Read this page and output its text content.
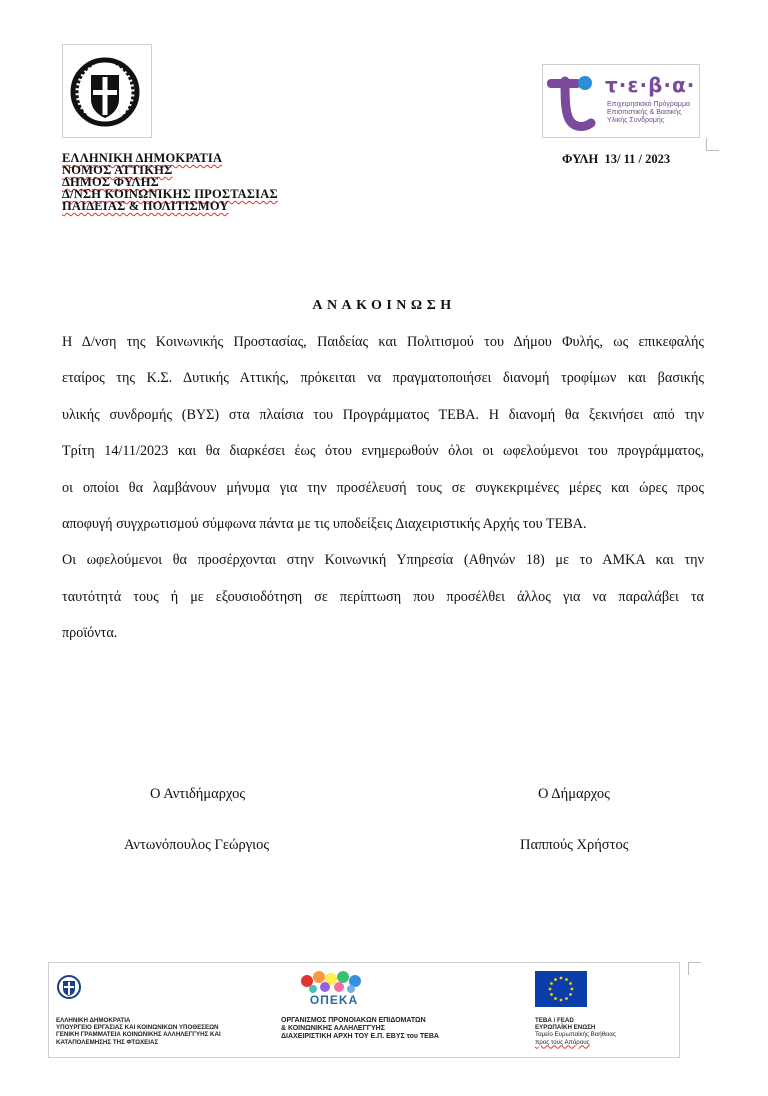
τ·ε·β·α·
Επιχειρησιακό Πρόγραμμα
Επισιτιστικής & Βασικής
Υλικής Συνδρομής
ΕΛΛΗΝΙΚΗ ΔΗΜΟΚΡΑΤΙΑ
ΝΟΜΟΣ ΑΤΤΙΚΗΣ
ΔΗΜΟΣ ΦΥΛΗΣ
Δ/ΝΣΗ ΚΟΙΝΩΝΙΚΗΣ ΠΡΟΣΤΑΣΙΑΣ
ΠΑΙΔΕΙΑΣ & ΠΟΛΙΤΙΣΜΟΥ
ΦΥΛΗ  13/ 11 / 2023
ΑΝΑΚΟΙΝΩΣΗ

Η Δ/νση της Κοινωνικής Προστασίας, Παιδείας και Πολιτισμού του Δήμου Φυλής, ως επικεφαλής

εταίρος της Κ.Σ. Δυτικής Αττικής, πρόκειται να πραγματοποιήσει διανομή τροφίμων και βασικής

υλικής συνδρομής (ΒΥΣ) στα πλαίσια του Προγράμματος ΤΕΒΑ. Η διανομή θα ξεκινήσει από την

Τρίτη 14/11/2023 και θα διαρκέσει έως ότου ενημερωθούν όλοι οι ωφελούμενοι του προγράμματος,

οι οποίοι θα λαμβάνουν μήνυμα για την προσέλευσή τους σε συγκεκριμένες μέρες και ώρες προς

αποφυγή συγχρωτισμού σύμφωνα πάντα με τις υποδείξεις Διαχειριστικής Αρχής του ΤΕΒΑ.

Οι ωφελούμενοι θα προσέρχονται στην Κοινωνική Υπηρεσία (Αθηνών 18) με το ΑΜΚΑ και την

ταυτότητά τους ή με εξουσιοδότηση σε περίπτωση που προσέλθει άλλος για να παραλάβει τα

προϊόντα.

Ο Αντιδήμαρχος
Αντωνόπουλος Γεώργιος
Ο Δήμαρχος
Παππούς Χρήστος
ΕΛΛΗΝΙΚΗ ΔΗΜΟΚΡΑΤΙΑ
ΥΠΟΥΡΓΕΙΟ ΕΡΓΑΣΙΑΣ ΚΑΙ ΚΟΙΝΩΝΙΚΩΝ ΥΠΟΘΕΣΕΩΝ
ΓΕΝΙΚΗ ΓΡΑΜΜΑΤΕΙΑ ΚΟΙΝΩΝΙΚΗΣ ΑΛΛΗΛΕΓΓΥΗΣ ΚΑΙ
ΚΑΤΑΠΟΛΕΜΗΣΗΣ ΤΗΣ ΦΤΩΧΕΙΑΣ
ΟΠΕΚΑ
ΟΡΓΑΝΙΣΜΟΣ ΠΡΟΝΟΙΑΚΩΝ ΕΠΙΔΟΜΑΤΩΝ
& ΚΟΙΝΩΝΙΚΗΣ ΑΛΛΗΛΕΓΓΥΗΣ
ΔΙΑΧΕΙΡΙΣΤΙΚΗ ΑΡΧΗ ΤΟΥ Ε.Π. ΕΒΥΣ του ΤΕΒΑ
ΤΕΒΑ / FEAD
ΕΥΡΩΠΑΪΚΗ ΕΝΩΣΗ
Ταμείο Ευρωπαϊκής Βοήθειας
προς τους Απόρους
